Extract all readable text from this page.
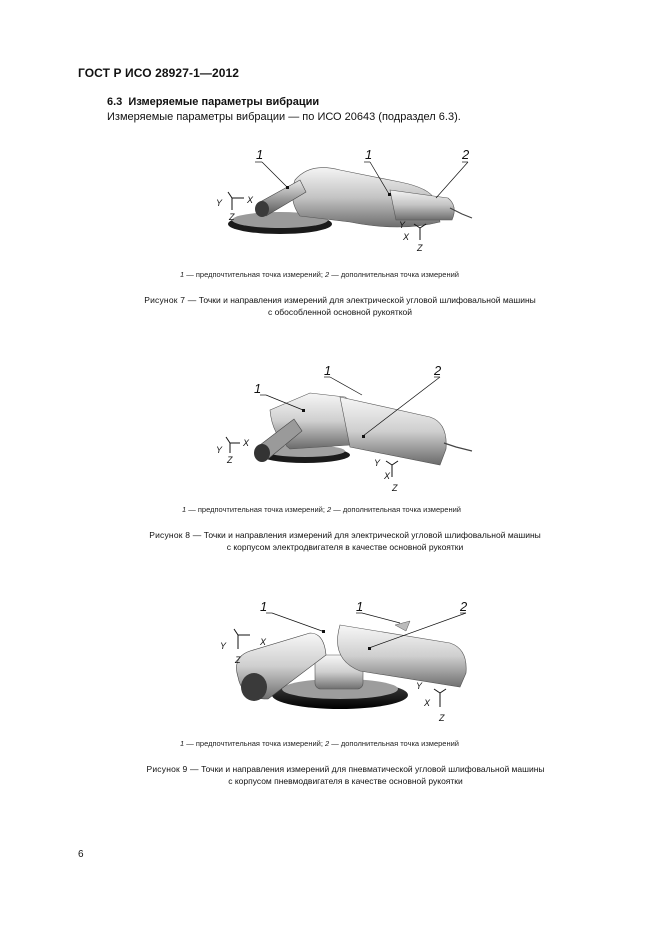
ГОСТ Р ИСО 28927-1—2012
6.3 Измеряемые параметры вибрации
Измеряемые параметры вибрации — по ИСО 20643 (подраздел 6.3).
1	1	2
Y	X
Z
Y
X
Z
1 — предпочтительная точка измерений; 2 — дополнительная точка измерений
Рисунок 7 — Точки и направления измерений для электрической угловой шлифовальной машины
с обособленной основной рукояткой
1
1	2
Y
X
Z	Y
X
Z
1 — предпочтительная точка измерений; 2 — дополнительная точка измерений
Рисунок 8 — Точки и направления измерений для электрической угловой шлифовальной машины
с корпусом электродвигателя в качестве основной рукоятки
1	1	2
Y	X
Z
Y
X
Z
1 — предпочтительная точка измерений; 2 — дополнительная точка измерений
Рисунок 9 — Точки и направления измерений для пневматической угловой шлифовальной машины
с корпусом пневмодвигателя в качестве основной рукоятки
6
